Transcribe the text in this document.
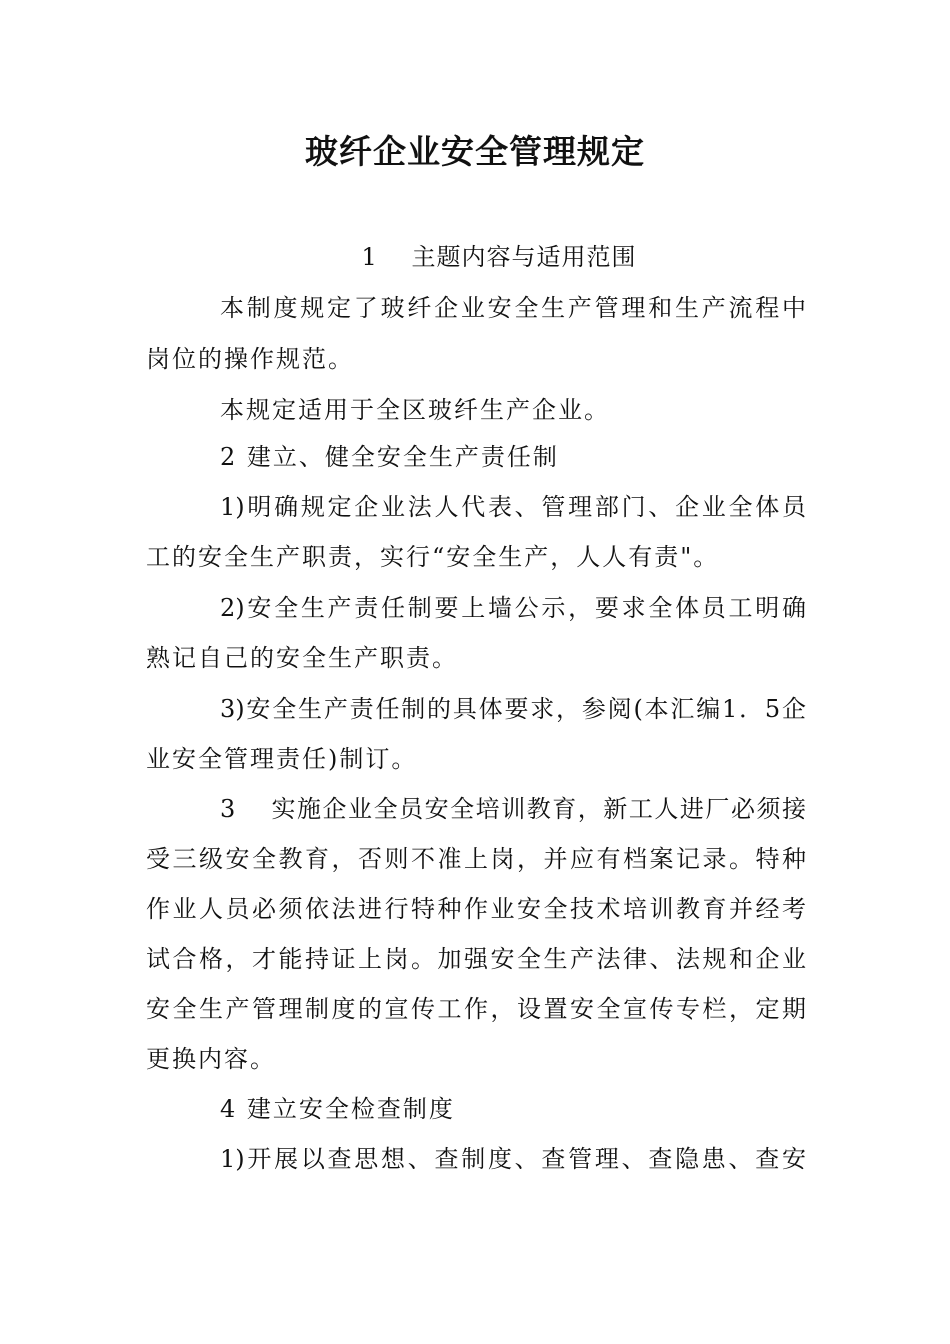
玻纤企业安全管理规定
1　 主题内容与适用范围
本制度规定了玻纤企业安全生产管理和生产流程中
岗位的操作规范。
本规定适用于全区玻纤生产企业。
2 建立、健全安全生产责任制
1)明确规定企业法人代表、管理部门、企业全体员
工的安全生产职责，实行“安全生产，人人有责"。
2)安全生产责任制要上墙公示，要求全体员工明确
熟记自己的安全生产职责。
3)安全生产责任制的具体要求，参阅(本汇编1．5企
业安全管理责任)制订。
3　 实施企业全员安全培训教育，新工人进厂必须接
受三级安全教育，否则不准上岗，并应有档案记录。特种
作业人员必须依法进行特种作业安全技术培训教育并经考
试合格，才能持证上岗。加强安全生产法律、法规和企业
安全生产管理制度的宣传工作，设置安全宣传专栏，定期
更换内容。
4 建立安全检查制度
1)开展以查思想、查制度、查管理、查隐患、查安
